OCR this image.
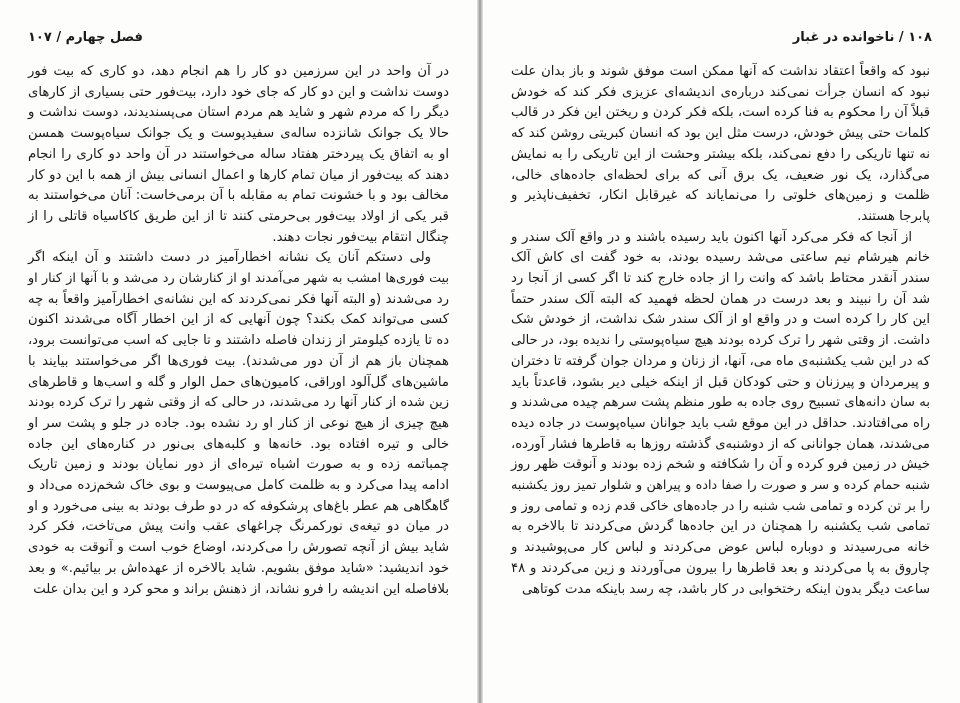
فصل چهارم / ۱۰۷
در آن واحد در این سرزمین دو کار را هم انجام دهد، دو کاری که بیت فور
دوست نداشت و این دو کار که جای خود دارد، بیت‌فور حتی بسیاری از کارهای
دیگر را که مردم شهر و شاید هم مردم استان می‌پسندیدند، دوست نداشت و
حالا یک جوانک شانزده ساله‌ی سفیدپوست و یک جوانک سیاه‌پوست همسن
او به اتفاق یک پیردختر هفتاد ساله می‌خواستند در آن واحد دو کاری را انجام
دهند که بیت‌فور از میان تمام کارها و اعمال انسانی بیش از همه با این دو کار
مخالف بود و با خشونت تمام به مقابله با آن برمی‌خاست: آنان می‌خواستند به
قبر یکی از اولاد بیت‌فور بی‌حرمتی کنند تا از این طریق کاکاسیاه قاتلی را از
چنگال انتقام بیت‌فور نجات دهند.
ولی دستکم آنان یک نشانه اخطارآمیز در دست داشتند و آن اینکه اگر
بیت فوری‌ها امشب به شهر می‌آمدند او از کنارشان رد می‌شد و با آنها از کنار او
رد می‌شدند (و البته آنها فکر نمی‌کردند که این نشانه‌ی اخطارآمیز واقعاً به چه
کسی می‌تواند کمک بکند؟ چون آنهایی که از این اخطار آگاه می‌شدند اکنون
ده تا یازده کیلومتر از زندان فاصله داشتند و تا جایی که اسب می‌توانست برود،
همچنان باز هم از آن دور می‌شدند). بیت فوری‌ها اگر می‌خواستند بیایند با
ماشین‌های گل‌آلود اوراقی، کامیون‌های حمل الوار و گله و اسب‌ها و قاطرهای
زین شده از کنار آنها رد می‌شدند، در حالی که از وقتی شهر را ترک کرده بودند
هیچ چیزی از هیچ نوعی از کنار او رد نشده بود. جاده در جلو و پشت سر او
خالی و تیره افتاده بود. خانه‌ها و کلبه‌های بی‌نور در کناره‌های این جاده
چمباتمه زده و به صورت اشباه تیره‌ای از دور نمایان بودند و زمین تاریک
ادامه پیدا می‌کرد و به ظلمت کامل می‌پیوست و بوی خاک شخم‌زده می‌داد و
گاهگاهی هم عطر باغ‌های پرشکوفه که در دو طرف بودند به بینی می‌خورد و او
در میان دو تیغه‌ی نورکمرنگ چراغهای عقب وانت پیش می‌تاخت، فکر کرد
شاید بیش از آنچه تصورش را می‌کردند، اوضاع خوب است و آنوقت به خودی
خود اندیشید: «شاید موفق بشویم. شاید بالاخره از عهده‌اش بر بیائیم.» و بعد
بلافاصله این اندیشه را فرو نشاند، از ذهنش براند و محو کرد و این بدان علت
۱۰۸ / ناخوانده در غبار
نبود که واقعاً اعتقاد نداشت که آنها ممکن است موفق شوند و باز بدان علت
نبود که انسان جرأت نمی‌کند درباره‌ی اندیشه‌ای عزیزی فکر کند که خودش
قبلاً آن را محکوم به فنا کرده است، بلکه فکر کردن و ریختن این فکر در قالب
کلمات حتی پیش خودش، درست مثل این بود که انسان کبریتی روشن کند که
نه تنها تاریکی را دفع نمی‌کند، بلکه بیشتر وحشت از این تاریکی را به نمایش
می‌گذارد، یک نور ضعیف، یک برق آنی که برای لحظه‌ای جاده‌های خالی،
ظلمت و زمین‌های خلوتی را می‌نمایاند که غیرقابل انکار، تخفیف‌ناپذیر و
پابرجا هستند.
از آنجا که فکر می‌کرد آنها اکنون باید رسیده باشند و در واقع آلک سندر و
خانم هیرشام نیم ساعتی می‌شد رسیده بودند، به خود گفت ای کاش آلک
سندر آنقدر محتاط باشد که وانت را از جاده خارج کند تا اگر کسی از آنجا رد
شد آن را نبیند و بعد درست در همان لحظه فهمید که البته آلک سندر حتماً
این کار را کرده است و در واقع او از آلک سندر شک نداشت، از خودش شک
داشت. از وقتی شهر را ترک کرده بودند هیچ سیاه‌پوستی را ندیده بود، در حالی
که در این شب یکشنبه‌ی ماه می، آنها، از زنان و مردان جوان گرفته تا دختران
و پیرمردان و پیرزنان و حتی کودکان قبل از اینکه خیلی دیر بشود، قاعدتاً باید
به سان دانه‌های تسبیح روی جاده به طور منظم پشت سرهم چیده می‌شدند و
راه می‌افتادند. حداقل در این موقع شب باید جوانان سیاه‌پوست در جاده دیده
می‌شدند، همان جوانانی که از دوشنبه‌ی گذشته روزها به قاطرها فشار آورده،
خیش در زمین فرو کرده و آن را شکافته و شخم زده بودند و آنوقت ظهر روز
شنبه حمام کرده و سر و صورت را صفا داده و پیراهن و شلوار تمیز روز یکشنبه
را بر تن کرده و تمامی شب شنبه را در جاده‌های خاکی قدم زده و تمامی روز و
تمامی شب یکشنبه را همچنان در این جاده‌ها گردش می‌کردند تا بالاخره به
خانه می‌رسیدند و دوباره لباس عوض می‌کردند و لباس کار می‌پوشیدند و
چاروق به پا می‌کردند و بعد قاطرها را بیرون می‌آوردند و زین می‌کردند و ۴۸
ساعت دیگر بدون اینکه رختخوابی در کار باشد، چه رسد باینکه مدت کوتاهی
